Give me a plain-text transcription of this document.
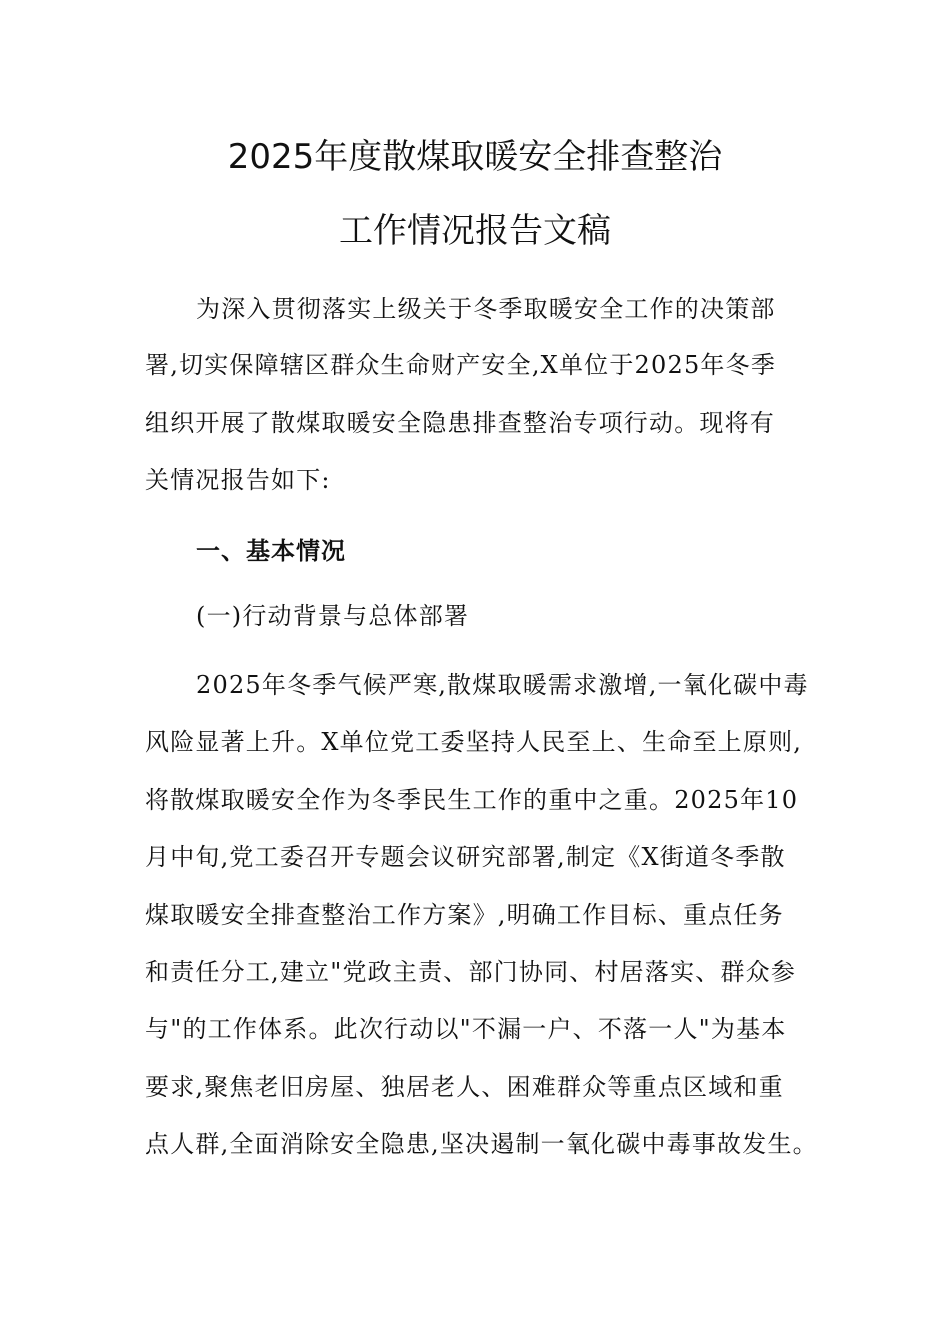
2025年度散煤取暖安全排查整治
工作情况报告文稿
为深入贯彻落实上级关于冬季取暖安全工作的决策部
署,切实保障辖区群众生命财产安全,X单位于2025年冬季
组织开展了散煤取暖安全隐患排查整治专项行动。现将有
关情况报告如下:
一、基本情况
(一)行动背景与总体部署
2025年冬季气候严寒,散煤取暖需求激增,一氧化碳中毒
风险显著上升。X单位党工委坚持人民至上、生命至上原则,
将散煤取暖安全作为冬季民生工作的重中之重。2025年10
月中旬,党工委召开专题会议研究部署,制定《X街道冬季散
煤取暖安全排查整治工作方案》,明确工作目标、重点任务
和责任分工,建立"党政主责、部门协同、村居落实、群众参
与"的工作体系。此次行动以"不漏一户、不落一人"为基本
要求,聚焦老旧房屋、独居老人、困难群众等重点区域和重
点人群,全面消除安全隐患,坚决遏制一氧化碳中毒事故发生。
